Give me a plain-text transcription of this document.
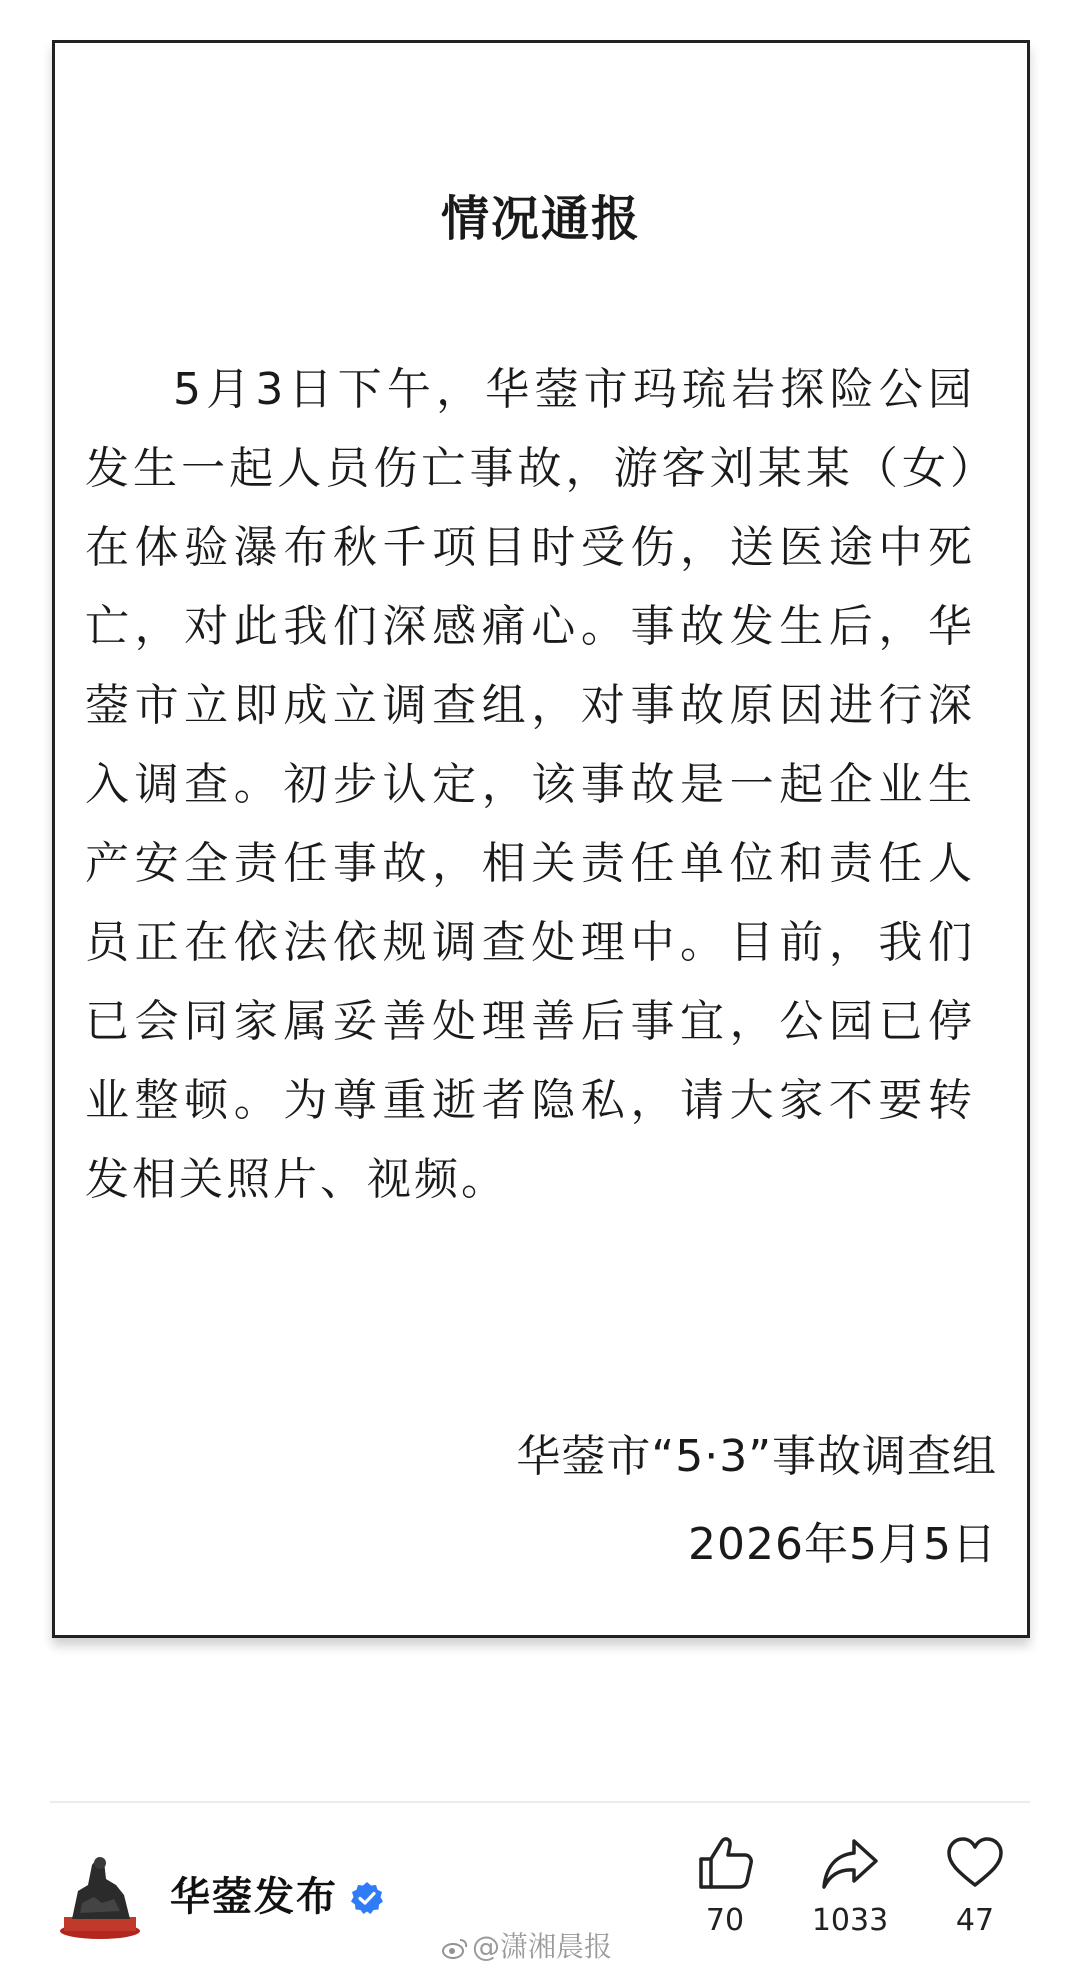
情况通报
5月3日下午，华蓥市玛琉岩探险公园发生一起人员伤亡事故，游客刘某某（女）在体验瀑布秋千项目时受伤，送医途中死亡，对此我们深感痛心。事故发生后，华蓥市立即成立调查组，对事故原因进行深入调查。初步认定，该事故是一起企业生产安全责任事故，相关责任单位和责任人员正在依法依规调查处理中。目前，我们已会同家属妥善处理善后事宜，公园已停业整顿。为尊重逝者隐私，请大家不要转发相关照片、视频。
华蓥市“5·3”事故调查组
2026年5月5日
华蓥发布
70	1033	47
@潇湘晨报
